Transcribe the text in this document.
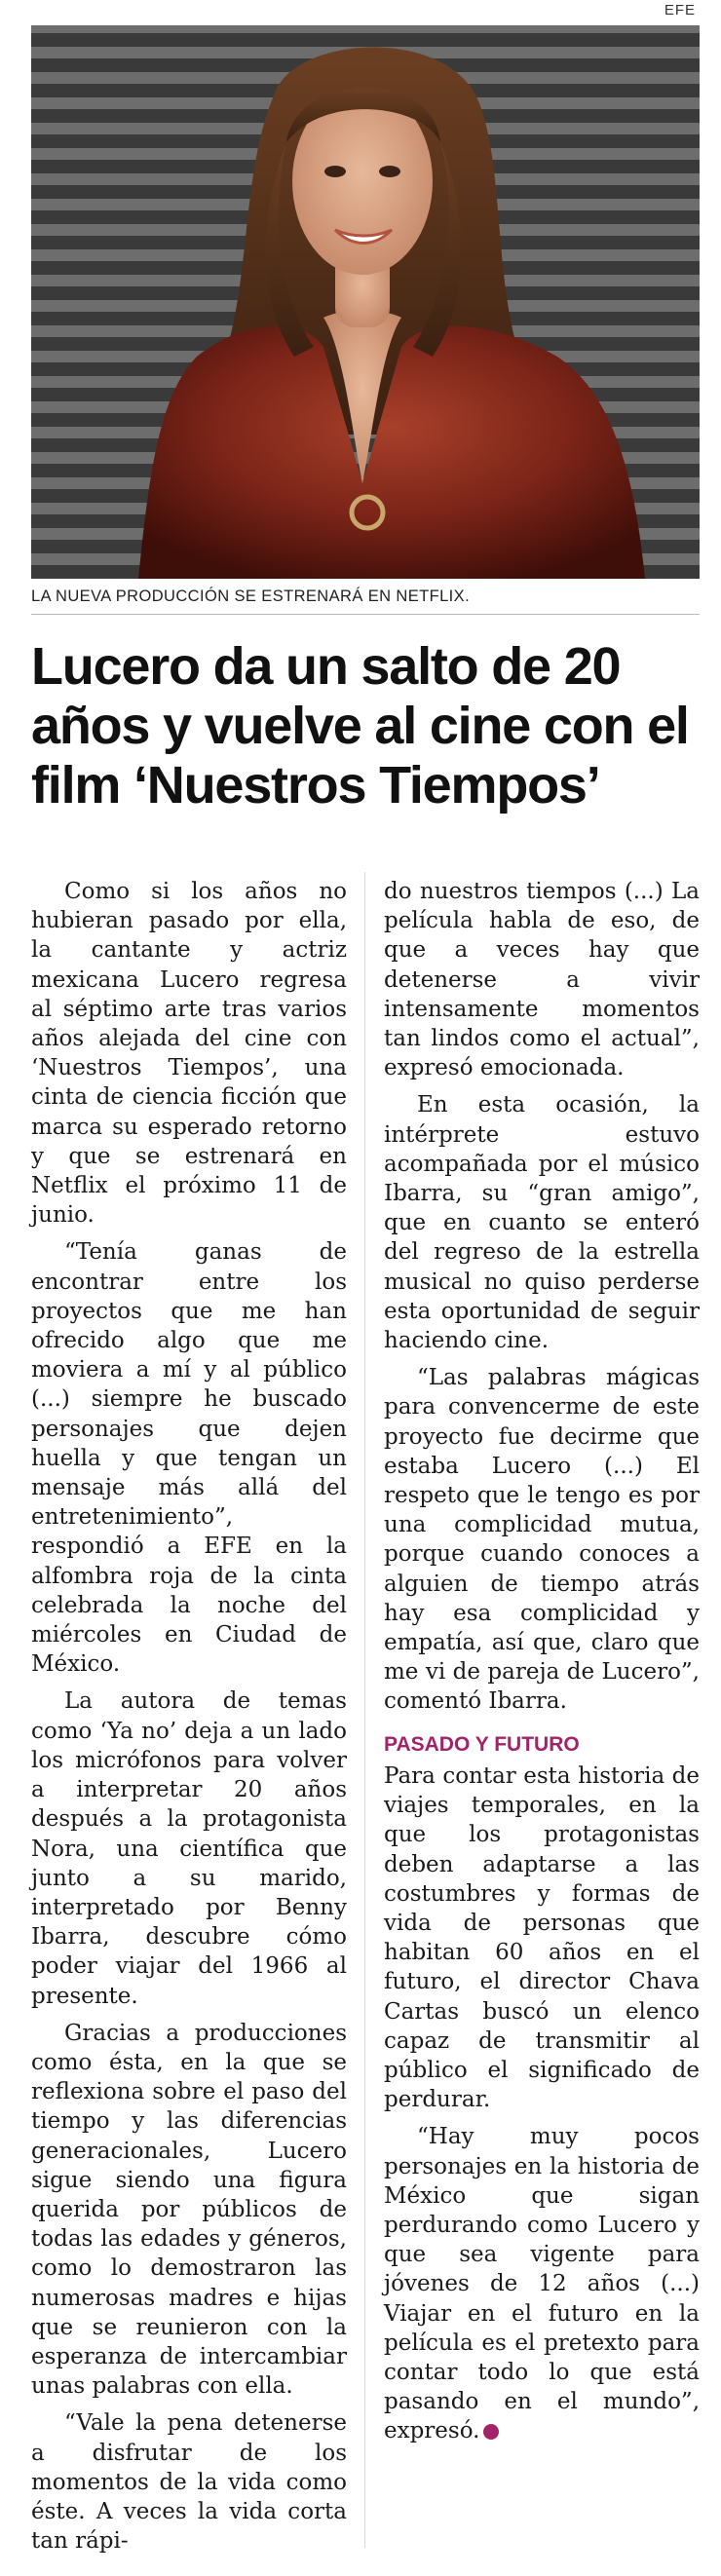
EFE
LA NUEVA PRODUCCIÓN SE ESTRENARÁ EN NETFLIX.
Lucero da un salto de 20 años y vuelve al cine con el film ‘Nuestros Tiempos’

Como si los años no hubieran pasado por ella, la cantante y actriz mexicana Lucero regresa al séptimo arte tras varios años alejada del cine con ‘Nuestros Tiempos’, una cinta de ciencia ficción que marca su esperado retorno y que se estrenará en Netflix el próximo 11 de junio.

“Tenía ganas de encontrar entre los proyectos que me han ofrecido algo que me moviera a mí y al público (...) siempre he buscado personajes que dejen huella y que tengan un mensaje más allá del entretenimiento”, respondió a EFE en la alfombra roja de la cinta celebrada la noche del miércoles en Ciudad de México.

La autora de temas como ‘Ya no’ deja a un lado los micrófonos para volver a interpretar 20 años después a la protagonista Nora, una científica que junto a su marido, interpretado por Benny Ibarra, descubre cómo poder viajar del 1966 al presente.

Gracias a producciones como ésta, en la que se reflexiona sobre el paso del tiempo y las diferencias generacionales, Lucero sigue siendo una figura querida por públicos de todas las edades y géneros, como lo demostraron las numerosas madres e hijas que se reunieron con la esperanza de intercambiar unas palabras con ella.

“Vale la pena detenerse a disfrutar de los momentos de la vida como éste. A veces la vida corta tan rápi-

do nuestros tiempos (...) La película habla de eso, de que a veces hay que detenerse a vivir intensamente momentos tan lindos como el actual”, expresó emocionada.

En esta ocasión, la intérprete estuvo acompañada por el músico Ibarra, su “gran amigo”, que en cuanto se enteró del regreso de la estrella musical no quiso perderse esta oportunidad de seguir haciendo cine.

“Las palabras mágicas para convencerme de este proyecto fue decirme que estaba Lucero (...) El respeto que le tengo es por una complicidad mutua, porque cuando conoces a alguien de tiempo atrás hay esa complicidad y empatía, así que, claro que me vi de pareja de Lucero”, comentó Ibarra.

PASADO Y FUTURO

Para contar esta historia de viajes temporales, en la que los protagonistas deben adaptarse a las costumbres y formas de vida de personas que habitan 60 años en el futuro, el director Chava Cartas buscó un elenco capaz de transmitir al público el significado de perdurar.

“Hay muy pocos personajes en la historia de México que sigan perdurando como Lucero y que sea vigente para jóvenes de 12 años (...) Viajar en el futuro en la película es el pretexto para contar todo lo que está pasando en el mundo”, expresó.	✪
